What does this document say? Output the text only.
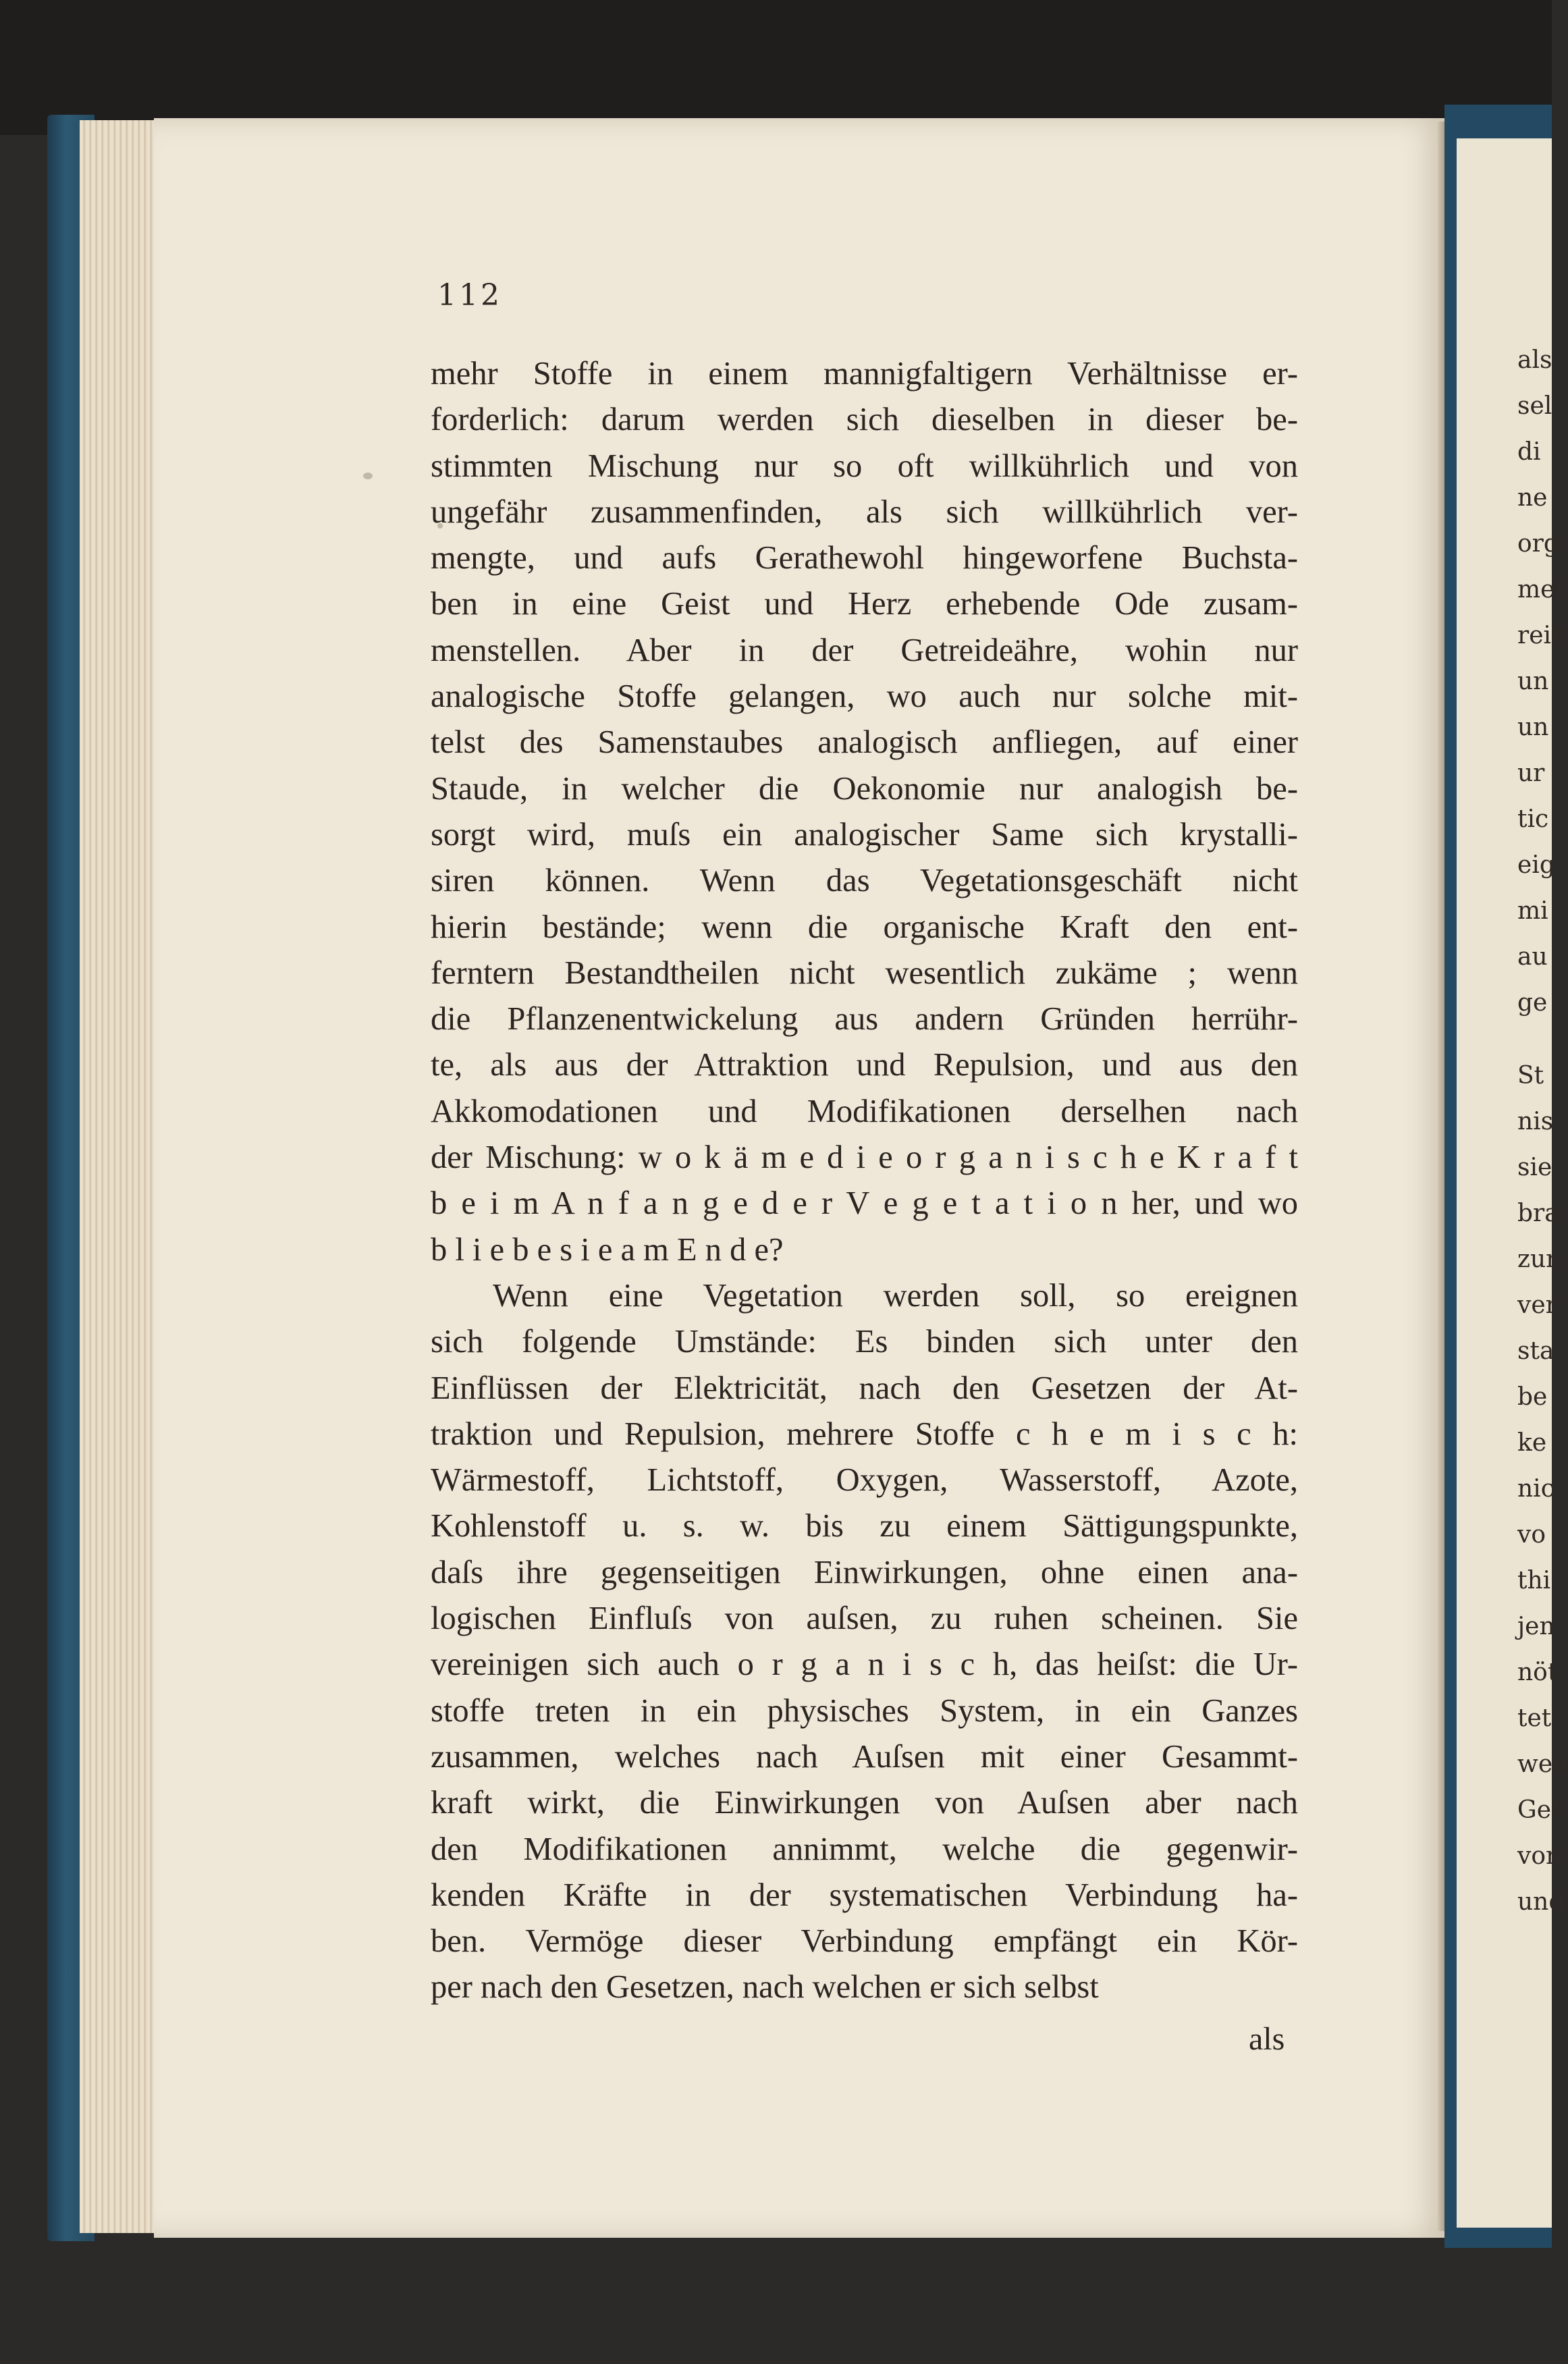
als
sel
di
ne
org
mel
reit
un
un
ur
tic
eig
mi
au
ge
St
nis
sie
bra
zun
ver
sta
be
ke
nic
vo
thi
jen
nöt
tet
wen
Gef
von
und
112
mehr Stoffe in einem mannigfaltigern Verhältnisse er-
forderlich: darum werden sich dieselben in dieser be-
stimmten Mischung nur so oft willkührlich und von
ungefähr zusammenfinden, als sich willkührlich ver-
mengte, und aufs Gerathewohl hingeworfene Buchsta-
ben in eine Geist und Herz erhebende Ode zusam-
menstellen. Aber in der Getreideähre, wohin nur
analogische Stoffe gelangen, wo auch nur solche mit-
telst des Samenstaubes analogisch anfliegen, auf einer
Staude, in welcher die Oekonomie nur analogish be-
sorgt wird, muſs ein analogischer Same sich krystalli-
siren können. Wenn das Vegetationsgeschäft nicht
hierin bestände; wenn die organische Kraft den ent-
ferntern Bestandtheilen nicht wesentlich zukäme ; wenn
die Pflanzenentwickelung aus andern Gründen herrühr-
te, als aus der Attraktion und Repulsion, und aus den
Akkomodationen und Modifikationen derselhen nach
der Mischung: w o k ä m e d i e o r g a n i s c h e K r a f t
b e i m A n f a n g e d e r V e g e t a t i o n her, und wo
b l i e b e s i e a m E n d e?
Wenn eine Vegetation werden soll, so ereignen
sich folgende Umstände: Es binden sich unter den
Einflüssen der Elektricität, nach den Gesetzen der At-
traktion und Repulsion, mehrere Stoffe c h e m i s c h:
Wärmestoff, Lichtstoff, Oxygen, Wasserstoff, Azote,
Kohlenstoff u. s. w. bis zu einem Sättigungspunkte,
daſs ihre gegenseitigen Einwirkungen, ohne einen ana-
logischen Einfluſs von auſsen, zu ruhen scheinen. Sie
vereinigen sich auch o r g a n i s c h, das heiſst: die Ur-
stoffe treten in ein physisches System, in ein Ganzes
zusammen, welches nach Auſsen mit einer Gesammt-
kraft wirkt, die Einwirkungen von Auſsen aber nach
den Modifikationen annimmt, welche die gegenwir-
kenden Kräfte in der systematischen Verbindung ha-
ben. Vermöge dieser Verbindung empfängt ein Kör-
per nach den Gesetzen, nach welchen er sich selbst
als
